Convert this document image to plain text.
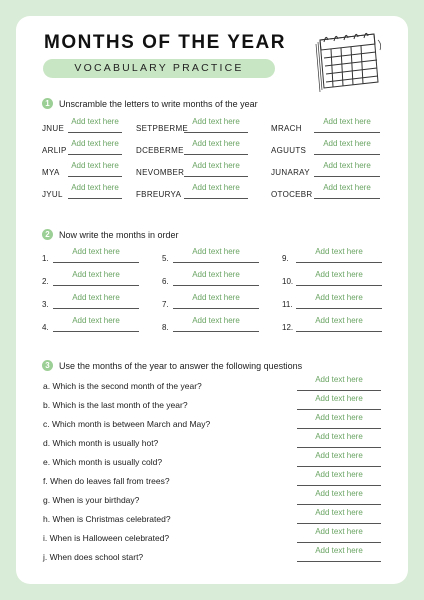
MONTHS OF THE YEAR
VOCABULARY PRACTICE
1	Unscramble the letters to write months of the year
JNUE
Add text here
SETPBERME
Add text here
MRACH
Add text here
ARLIP
Add text here
DCEBERME
Add text here
AGUUTS
Add text here
MYA
Add text here
NEVOMBER
Add text here
JUNARAY
Add text here
JYUL
Add text here
FBREURYA
Add text here
OTOCEBR
Add text here
2	Now write the months in order
1.
Add text here
2.
Add text here
3.
Add text here
4.
Add text here
5.
Add text here
6.
Add text here
7.
Add text here
8.
Add text here
9.
Add text here
10.
Add text here
11.
Add text here
12.
Add text here
3	Use the months of the year to answer the following questions
a. Which is the second month of the year?
Add text here
b. Which is the last month of the year?
Add text here
c. Which month is between March and May?
Add text here
d. Which month is usually hot?
Add text here
e. Which month is usually cold?
Add text here
f. When do leaves fall from trees?
Add text here
g. When is your birthday?
Add text here
h. When is Christmas celebrated?
Add text here
i. When is Halloween celebrated?
Add text here
j. When does school start?
Add text here
